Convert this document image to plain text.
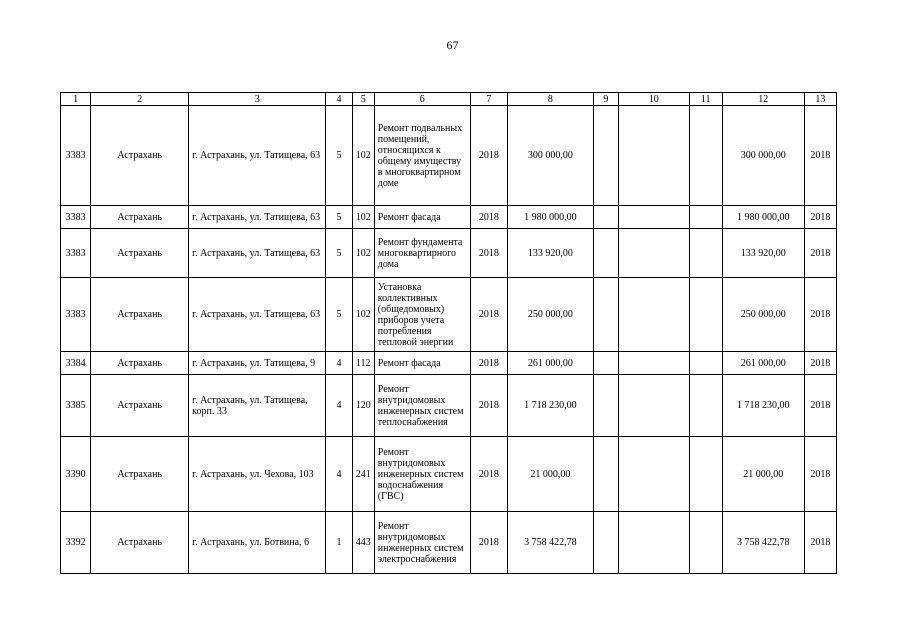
67
1	2	3	4	5	6	7	8	9	10	11	12	13
3383	Астрахань	г. Астрахань, ул. Татищева, 63	5	102	Ремонт подвальных помещений, относящихся к общему имуществу в многоквартирном доме	2018	300 000,00				300 000,00	2018
3383	Астрахань	г. Астрахань, ул. Татищева, 63	5	102	Ремонт фасада	2018	1 980 000,00				1 980 000,00	2018
3383	Астрахань	г. Астрахань, ул. Татищева, 63	5	102	Ремонт фундамента многоквартирного дома	2018	133 920,00				133 920,00	2018
3383	Астрахань	г. Астрахань, ул. Татищева, 63	5	102	Установка коллективных (общедомовых) приборов учета потребления тепловой энергии	2018	250 000,00				250 000,00	2018
3384	Астрахань	г. Астрахань, ул. Татищева, 9	4	112	Ремонт фасада	2018	261 000,00				261 000,00	2018
3385	Астрахань	г. Астрахань, ул. Татищева, корп. 33	4	120	Ремонт внутридомовых инженерных систем теплоснабжения	2018	1 718 230,00				1 718 230,00	2018
3390	Астрахань	г. Астрахань, ул. Чехова, 103	4	241	Ремонт внутридомовых инженерных систем водоснабжения (ГВС)	2018	21 000,00				21 000,00	2018
3392	Астрахань	г. Астрахань, ул. Ботвина, 6	1	443	Ремонт внутридомовых инженерных систем электроснабжения	2018	3 758 422,78				3 758 422,78	2018
